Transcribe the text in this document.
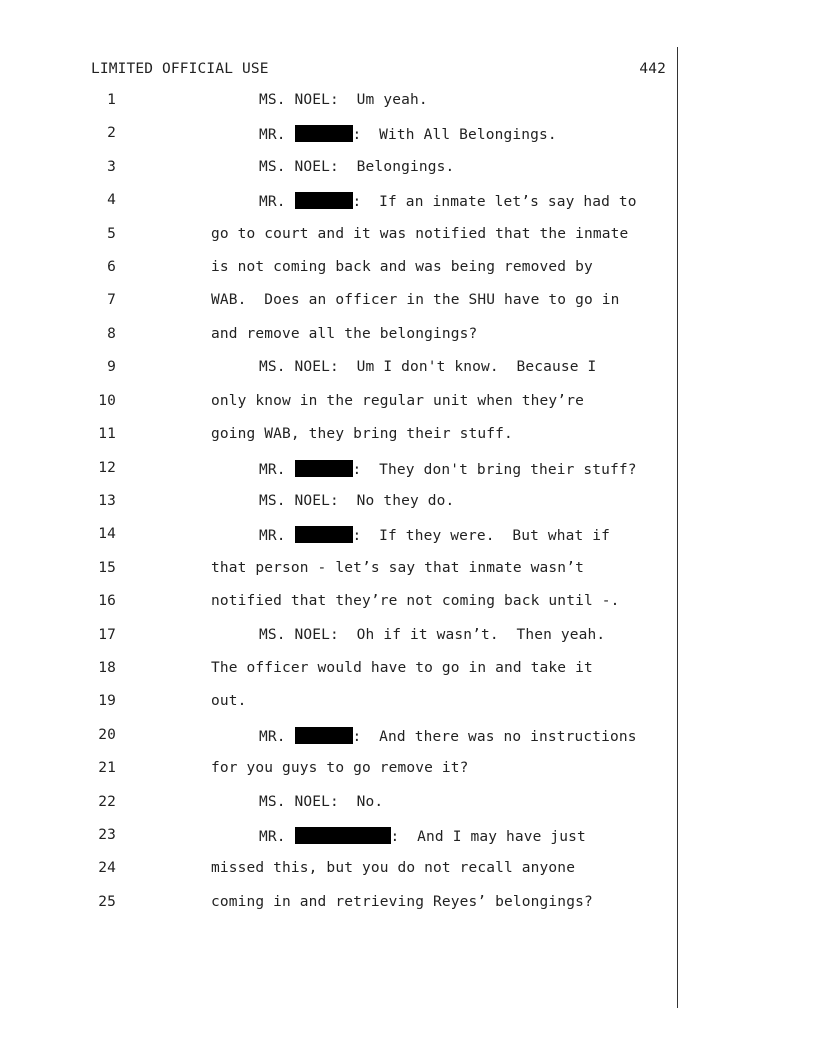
LIMITED OFFICIAL USE	442
1	MS. NOEL:  Um yeah.
2	MR.	:  With All Belongings.
3	MS. NOEL:  Belongings.
4	MR.	:  If an inmate let’s say had to
5	go to court and it was notified that the inmate
6	is not coming back and was being removed by
7	WAB.  Does an officer in the SHU have to go in
8	and remove all the belongings?
9	MS. NOEL:  Um I don't know.  Because I
10	only know in the regular unit when they’re
11	going WAB, they bring their stuff.
12	MR.	:  They don't bring their stuff?
13	MS. NOEL:  No they do.
14	MR.	:  If they were.  But what if
15	that person - let’s say that inmate wasn’t
16	notified that they’re not coming back until -.
17	MS. NOEL:  Oh if it wasn’t.  Then yeah.
18	The officer would have to go in and take it
19	out.
20	MR.	:  And there was no instructions
21	for you guys to go remove it?
22	MS. NOEL:  No.
23	MR.	:  And I may have just
24	missed this, but you do not recall anyone
25	coming in and retrieving Reyes’ belongings?
